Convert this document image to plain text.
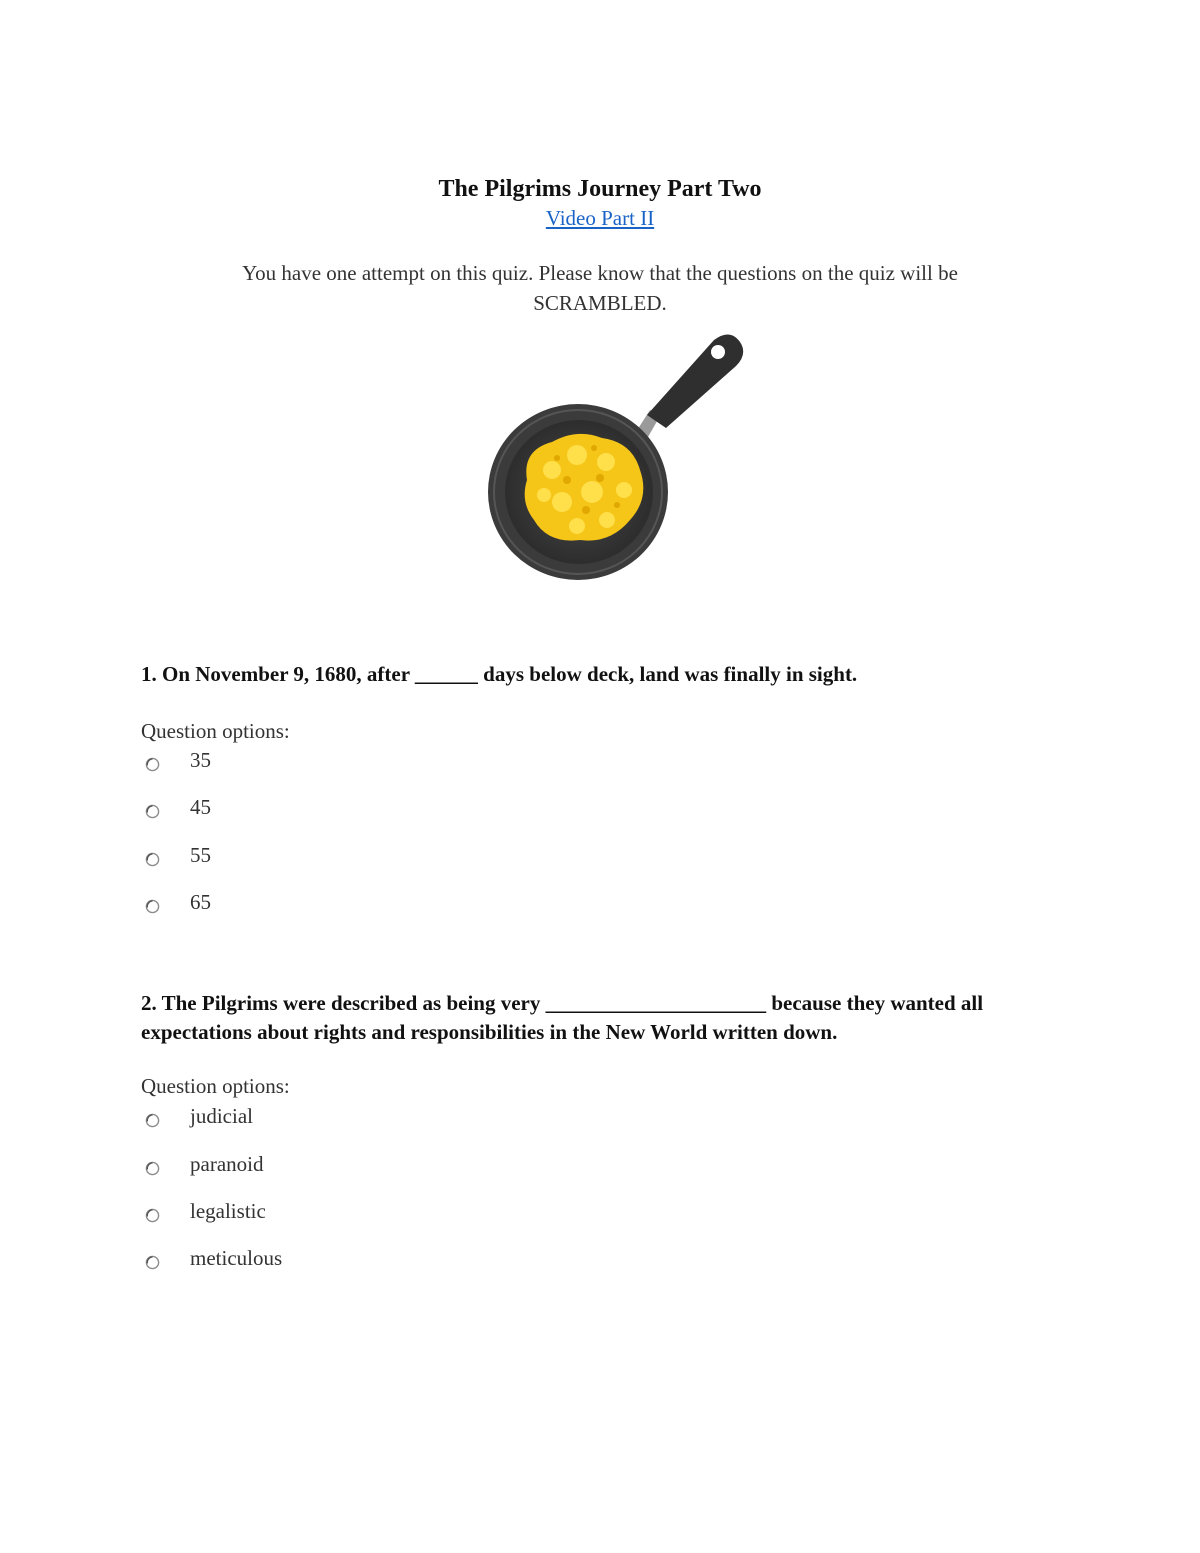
The Pilgrims Journey Part Two
Video Part II
You have one attempt on this quiz. Please know that the questions on the quiz will be SCRAMBLED.
1. On November 9, 1680, after ______ days below deck, land was finally in sight.
Question options:
35
45
55
65
2. The Pilgrims were described as being very _____________________ because they wanted all expectations about rights and responsibilities in the New World written down.
Question options:
judicial
paranoid
legalistic
meticulous
